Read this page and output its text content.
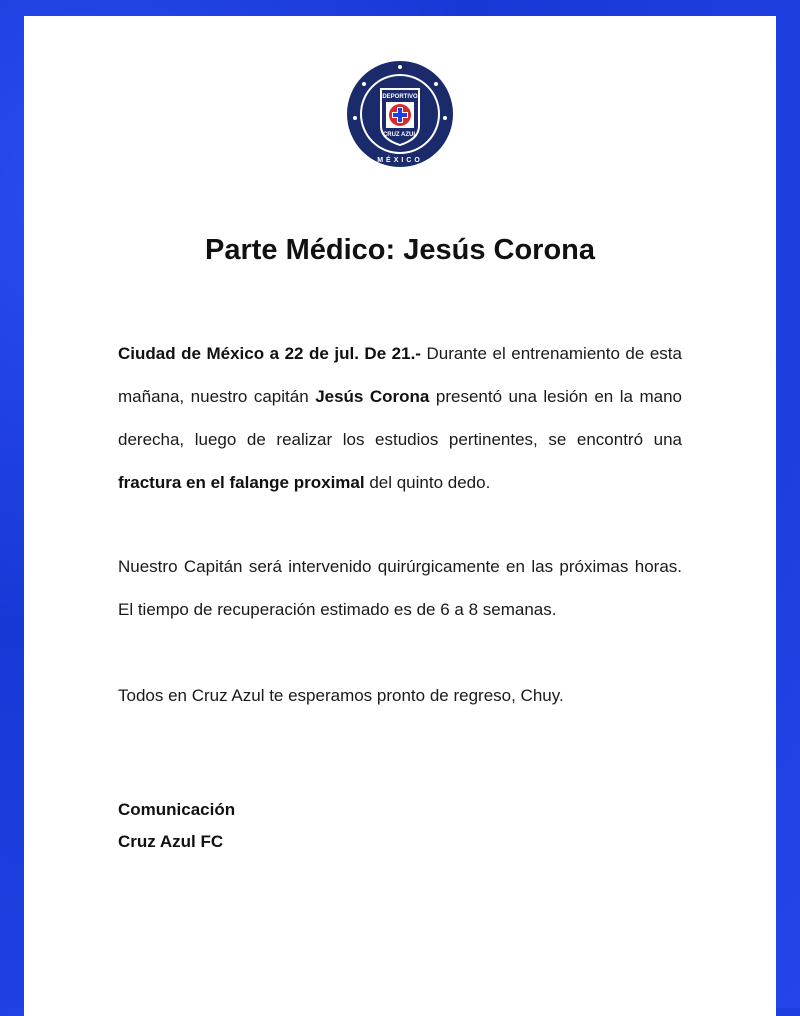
MÉXICO
DEPORTIVO
CRUZ AZUL
Parte Médico: Jesús Corona

Ciudad de México a 22 de jul. De 21.- Durante el entrenamiento de esta mañana, nuestro capitán Jesús Corona presentó una lesión en la mano derecha, luego de realizar los estudios pertinentes, se encontró una fractura en el falange proximal del quinto dedo.

Nuestro Capitán será intervenido quirúrgicamente en las próximas horas. El tiempo de recuperación estimado es de 6 a 8 semanas.

Todos en Cruz Azul te esperamos pronto de regreso, Chuy.

Comunicación
Cruz Azul FC
